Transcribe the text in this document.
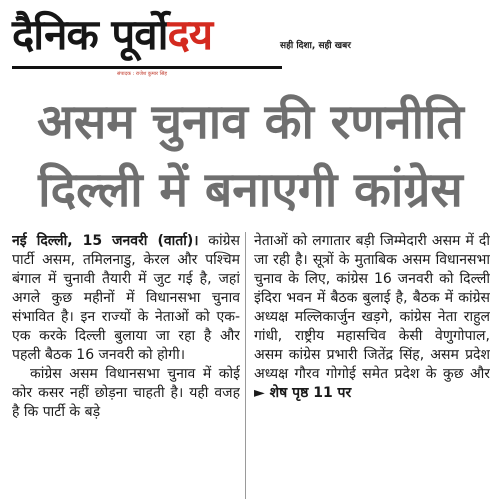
दैनिक पूर्वोदय	सही दिशा, सही खबर
संपादक : राजेश कुमार सिंह
असम चुनाव की रणनीति
दिल्ली में बनाएगी कांग्रेस

नई दिल्ली, 15 जनवरी (वार्ता)। कांग्रेस पार्टी असम, तमिलनाडु, केरल और पश्चिम बंगाल में चुनावी तैयारी में जुट गई है, जहां अगले कुछ महीनों में विधानसभा चुनाव संभावित है। इन राज्यों के नेताओं को एक-एक करके दिल्ली बुलाया जा रहा है और पहली बैठक 16 जनवरी को होगी।

कांग्रेस असम विधानसभा चुनाव में कोई कोर कसर नहीं छोड़ना चाहती है। यही वजह है कि पार्टी के बड़े

नेताओं को लगातार बड़ी जिम्मेदारी असम में दी जा रही है। सूत्रों के मुताबिक असम विधानसभा चुनाव के लिए, कांग्रेस 16 जनवरी को दिल्ली इंदिरा भवन में बैठक बुलाई है, बैठक में कांग्रेस अध्यक्ष मल्लिकार्जुन खड़गे, कांग्रेस नेता राहुल गांधी, राष्ट्रीय महासचिव केसी वेणुगोपाल, असम कांग्रेस प्रभारी जितेंद्र सिंह, असम प्रदेश अध्यक्ष गौरव गोगोई समेत प्रदेश के कुछ और ► शेष पृष्ठ 11 पर
